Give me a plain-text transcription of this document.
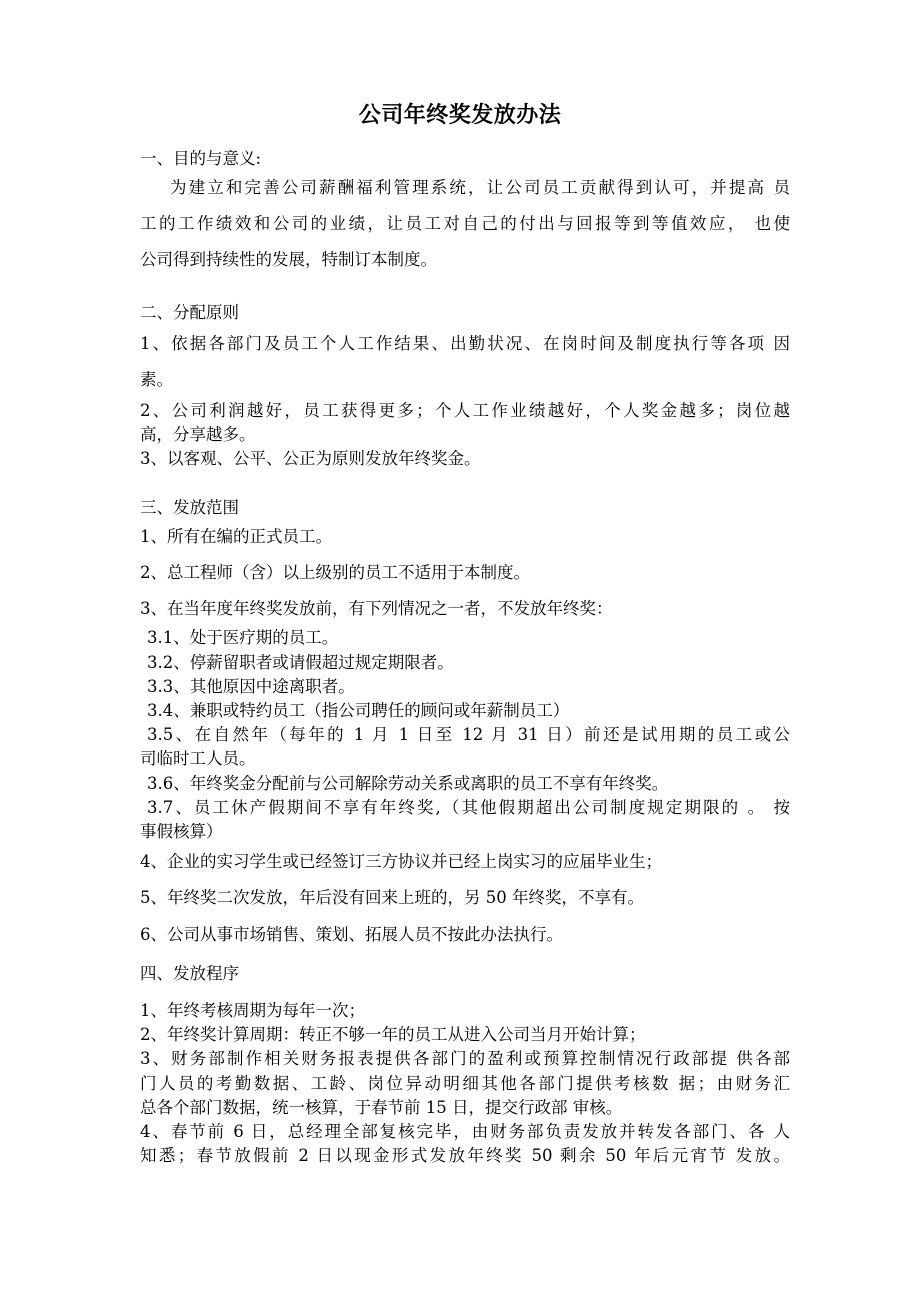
公司年终奖发放办法
一、目的与意义:
为建立和完善公司薪酬福利管理系统，让公司员工贡献得到认可，并提高 员
工的工作绩效和公司的业绩，让员工对自己的付出与回报等到等值效应， 也使
公司得到持续性的发展，特制订本制度。
二、分配原则
1、依据各部门及员工个人工作结果、出勤状况、在岗时间及制度执行等各项 因
素。
2、公司利润越好，员工获得更多；个人工作业绩越好，个人奖金越多；岗位越
高，分享越多。
3、以客观、公平、公正为原则发放年终奖金。
三、发放范围
1、所有在编的正式员工。
2、总工程师（含）以上级别的员工不适用于本制度。
3、在当年度年终奖发放前，有下列情况之一者，不发放年终奖：
3.1、处于医疗期的员工。
3.2、停薪留职者或请假超过规定期限者。
3.3、其他原因中途离职者。
3.4、兼职或特约员工（指公司聘任的顾问或年薪制员工）
3.5、在自然年（每年的 1 月 1 日至 12 月 31 日）前还是试用期的员工或公
司临时工人员。
3.6、年终奖金分配前与公司解除劳动关系或离职的员工不享有年终奖。
3.7、员工休产假期间不享有年终奖,（其他假期超出公司制度规定期限的 。 按
事假核算）
4、企业的实习学生或已经签订三方协议并已经上岗实习的应届毕业生；
5、年终奖二次发放，年后没有回来上班的，另 50 年终奖，不享有。
6、公司从事市场销售、策划、拓展人员不按此办法执行。
四、发放程序
1、年终考核周期为每年一次；
2、年终奖计算周期：转正不够一年的员工从进入公司当月开始计算；
3、财务部制作相关财务报表提供各部门的盈利或预算控制情况行政部提 供各部
门人员的考勤数据、工龄、岗位异动明细其他各部门提供考核数 据；由财务汇
总各个部门数据，统一核算，于春节前 15 日，提交行政部 审核。
4、春节前 6 日，总经理全部复核完毕，由财务部负责发放并转发各部门、各 人
知悉；春节放假前 2 日以现金形式发放年终奖 50 剩余 50 年后元宵节 发放。
